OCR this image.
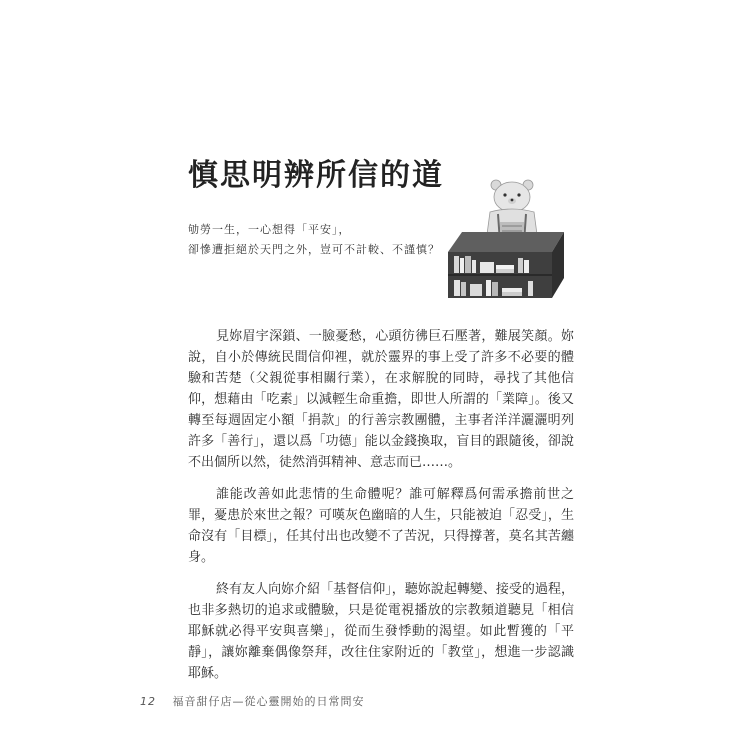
慎思明辨所信的道
劬勞一生，一心想得「平安」，
卻慘遭拒絕於天門之外，豈可不計較、不謹慎？

見妳眉宇深鎖、一臉憂愁，心頭彷彿巨石壓著，難展笑顏。妳說，自小於傳統民間信仰裡，就於靈界的事上受了許多不必要的體驗和苦楚（父親從事相關行業），在求解脫的同時，尋找了其他信仰，想藉由「吃素」以減輕生命重擔，即世人所謂的「業障」。後又轉至每週固定小額「捐款」的行善宗教團體，主事者洋洋灑灑明列許多「善行」，還以爲「功德」能以金錢換取，盲目的跟隨後，卻說不出個所以然，徒然消弭精神、意志而已……。

誰能改善如此悲情的生命體呢？誰可解釋爲何需承擔前世之罪，憂患於來世之報？可嘆灰色幽暗的人生，只能被迫「忍受」，生命沒有「目標」，任其付出也改變不了苦況，只得撐著，莫名其苦纏身。

終有友人向妳介紹「基督信仰」，聽妳說起轉變、接受的過程，也非多熱切的追求或體驗，只是從電視播放的宗教頻道聽見「相信耶穌就必得平安與喜樂」，從而生發悸動的渴望。如此暫獲的「平靜」，讓妳離棄偶像祭拜，改往住家附近的「教堂」，想進一步認識耶穌。

12 福音甜仔店—從心靈開始的日常問安
